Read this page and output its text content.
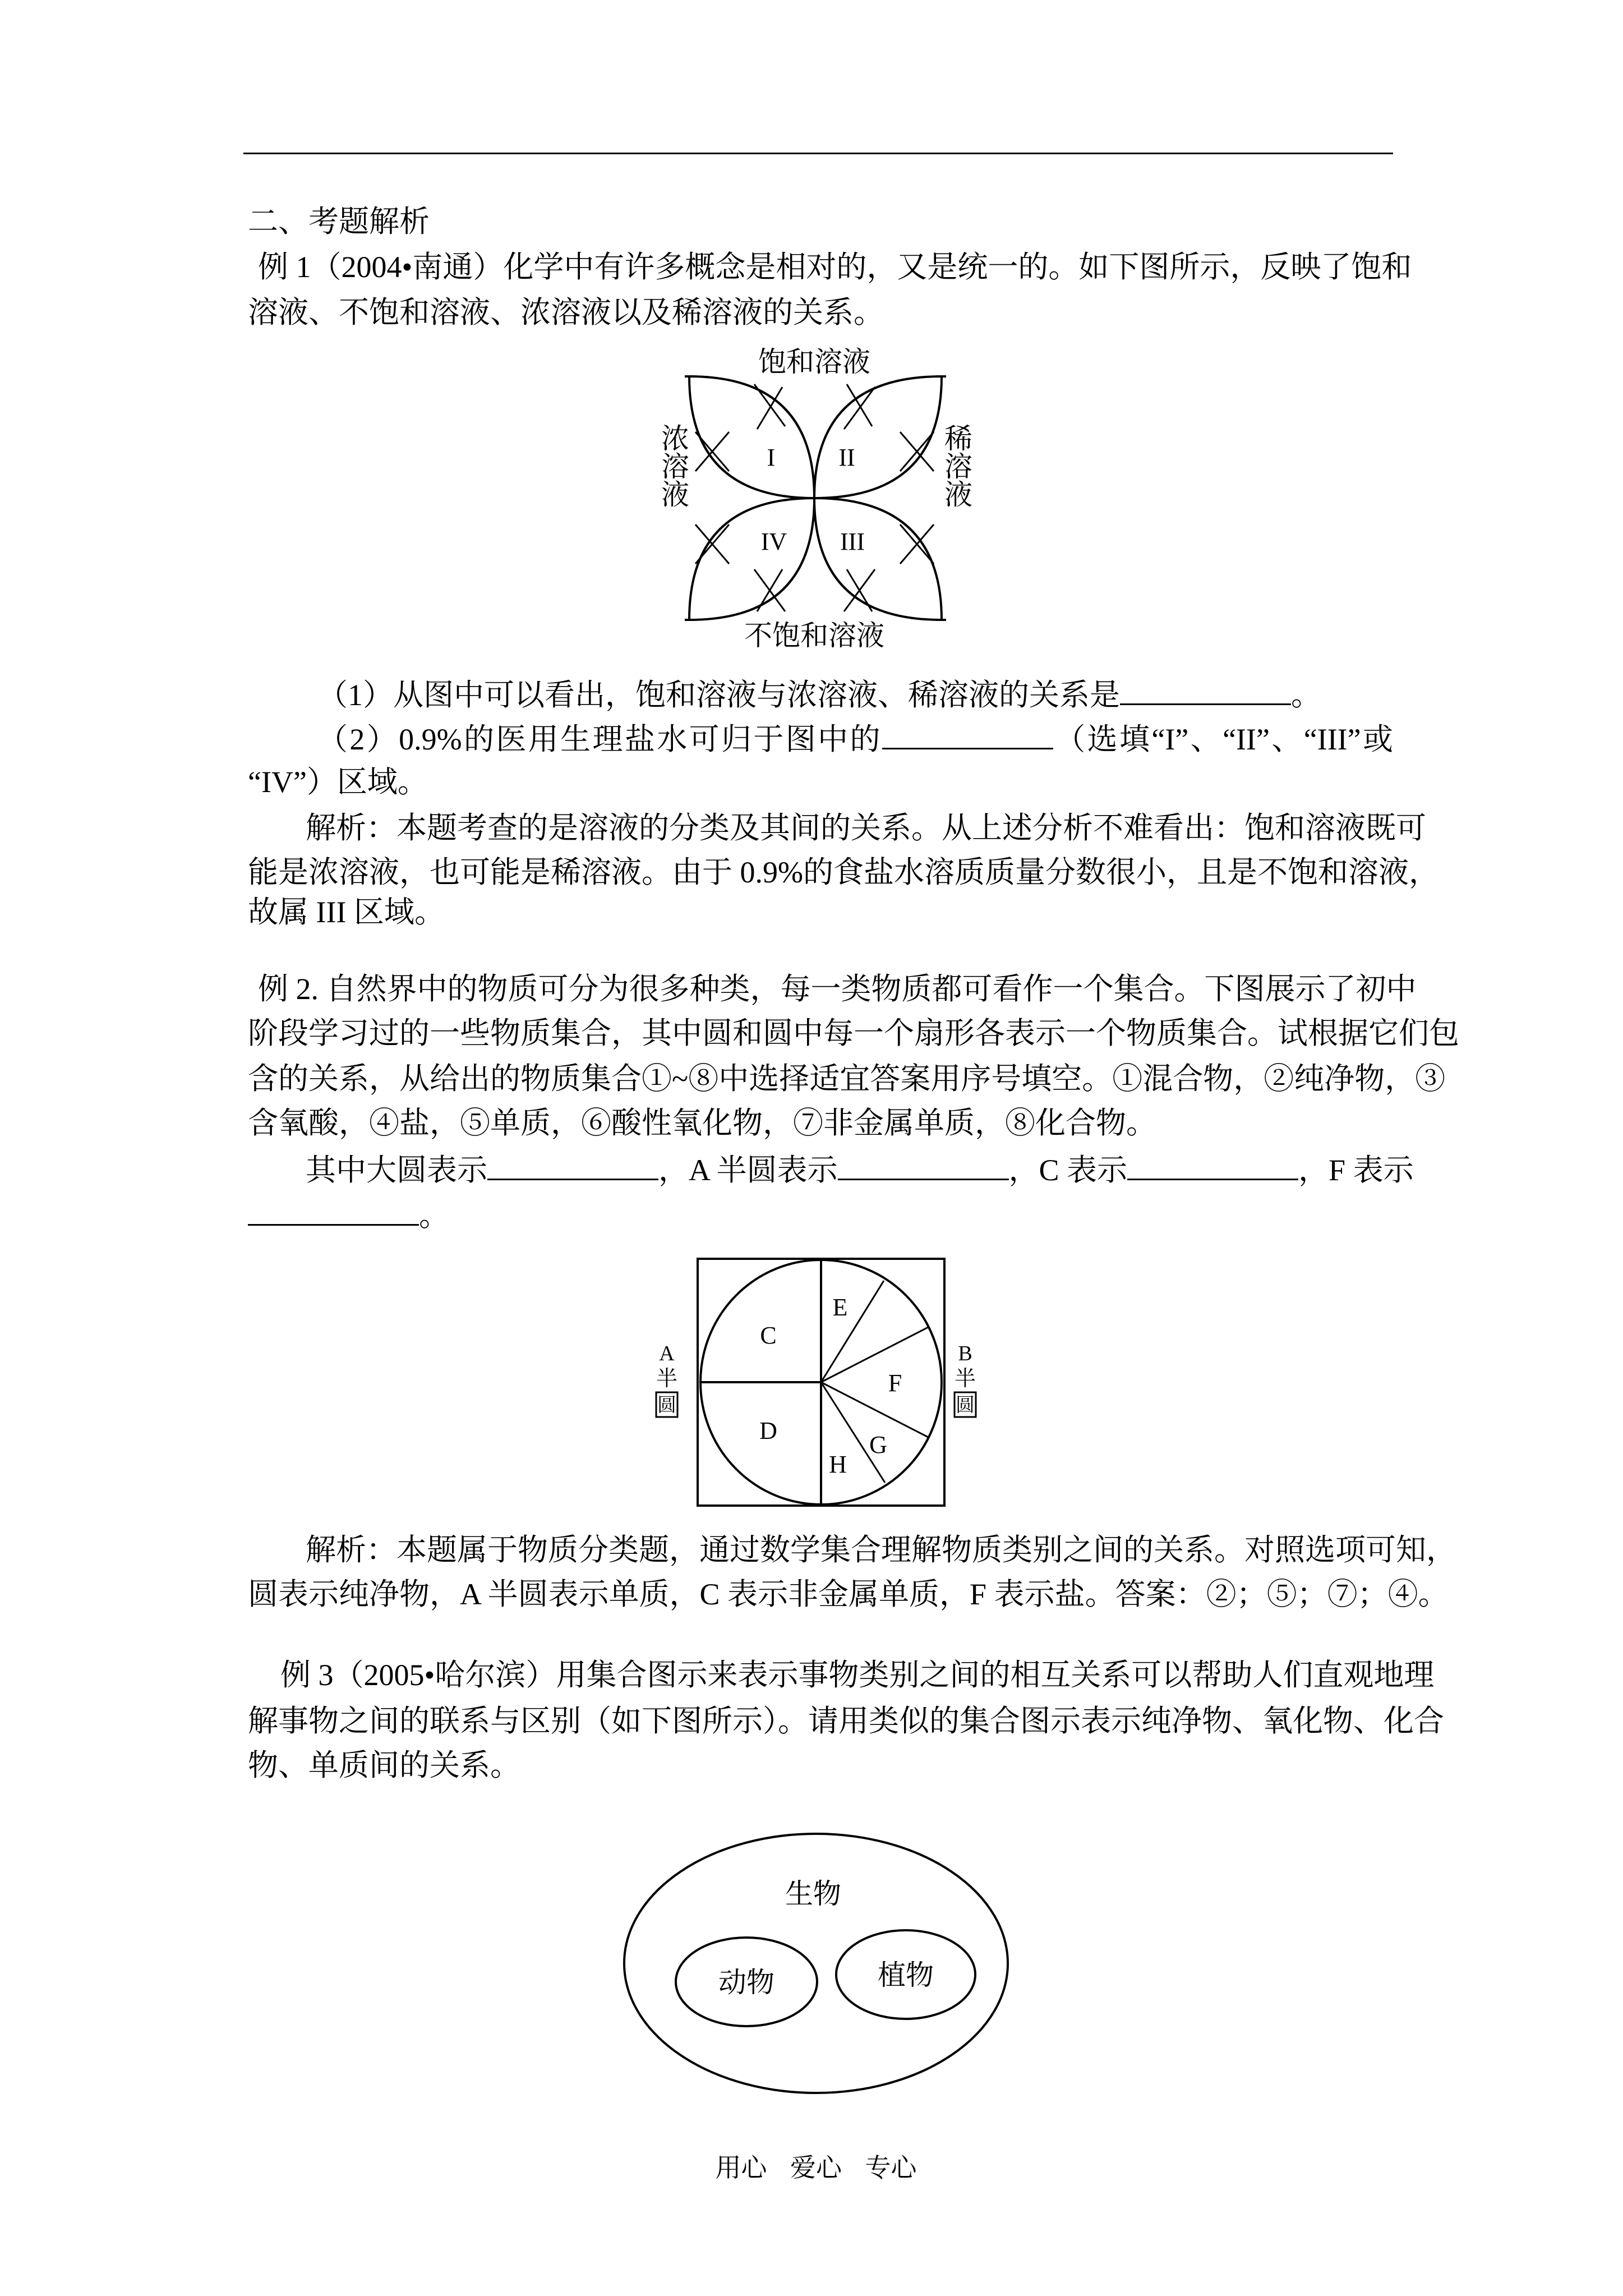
二、考题解析
例 1（2004•南通）化学中有许多概念是相对的，又是统一的。如下图所示，反映了饱和
溶液、不饱和溶液、浓溶液以及稀溶液的关系。
饱和溶液
不饱和溶液
浓溶液	稀溶液
I	II
III
IV
C
D
E
F
G
H
A
半
圆
B
半
圆
生物
动物	植物
（1）从图中可以看出，饱和溶液与浓溶液、稀溶液的关系是	。
（2）0.9%的医用生理盐水可归于图中的	（选填“I”、“II”、“III”或
“IV”）区域。
解析：本题考查的是溶液的分类及其间的关系。从上述分析不难看出：饱和溶液既可
能是浓溶液，也可能是稀溶液。由于 0.9%的食盐水溶质质量分数很小，且是不饱和溶液，
故属 III 区域。
例 2. 自然界中的物质可分为很多种类，每一类物质都可看作一个集合。下图展示了初中
阶段学习过的一些物质集合，其中圆和圆中每一个扇形各表示一个物质集合。试根据它们包
含的关系，从给出的物质集合①~⑧中选择适宜答案用序号填空。①混合物，②纯净物，③
含氧酸，④盐，⑤单质，⑥酸性氧化物，⑦非金属单质，⑧化合物。
其中大圆表示	，A 半圆表示	，C 表示	，F 表示
。
解析：本题属于物质分类题，通过数学集合理解物质类别之间的关系。对照选项可知，
圆表示纯净物，A 半圆表示单质，C 表示非金属单质，F 表示盐。答案：②；⑤；⑦；④。
例 3（2005•哈尔滨）用集合图示来表示事物类别之间的相互关系可以帮助人们直观地理
解事物之间的联系与区别（如下图所示）。请用类似的集合图示表示纯净物、氧化物、化合
物、单质间的关系。
用心 爱心 专心
